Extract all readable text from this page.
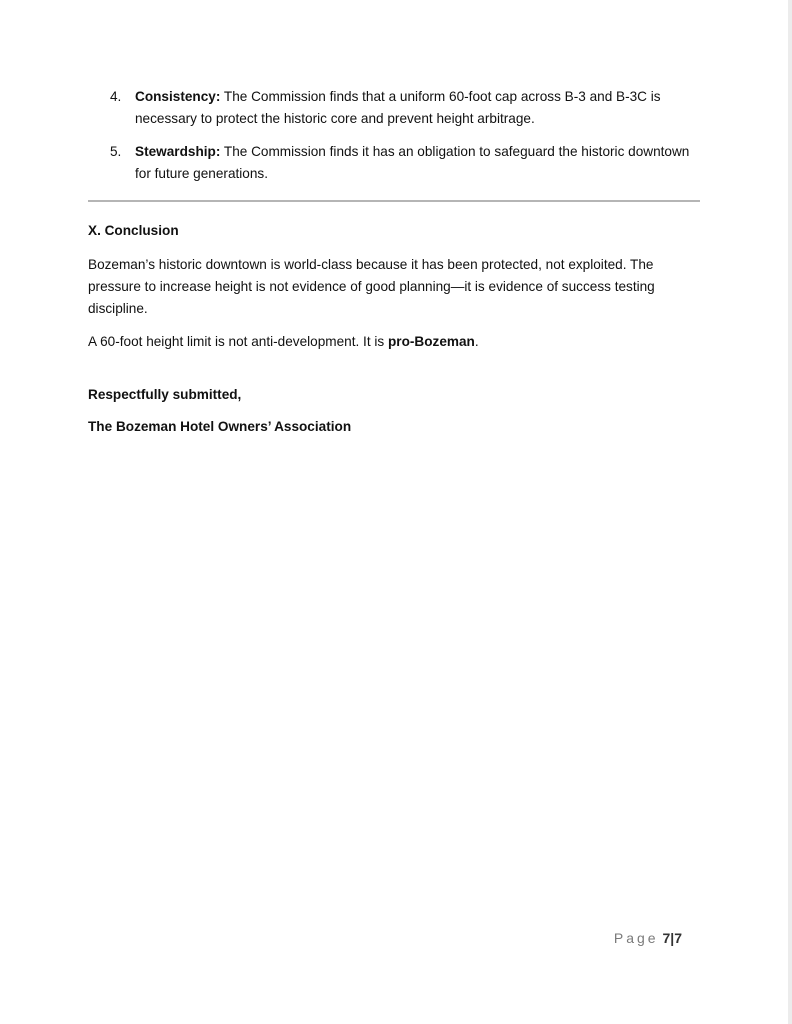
4. Consistency: The Commission finds that a uniform 60-foot cap across B-3 and B-3C is necessary to protect the historic core and prevent height arbitrage.
5. Stewardship: The Commission finds it has an obligation to safeguard the historic downtown for future generations.
X. Conclusion

Bozeman’s historic downtown is world-class because it has been protected, not exploited. The pressure to increase height is not evidence of good planning—it is evidence of success testing discipline.

A 60-foot height limit is not anti-development. It is pro-Bozeman.

Respectfully submitted,
The Bozeman Hotel Owners’ Association
Page 7|7
